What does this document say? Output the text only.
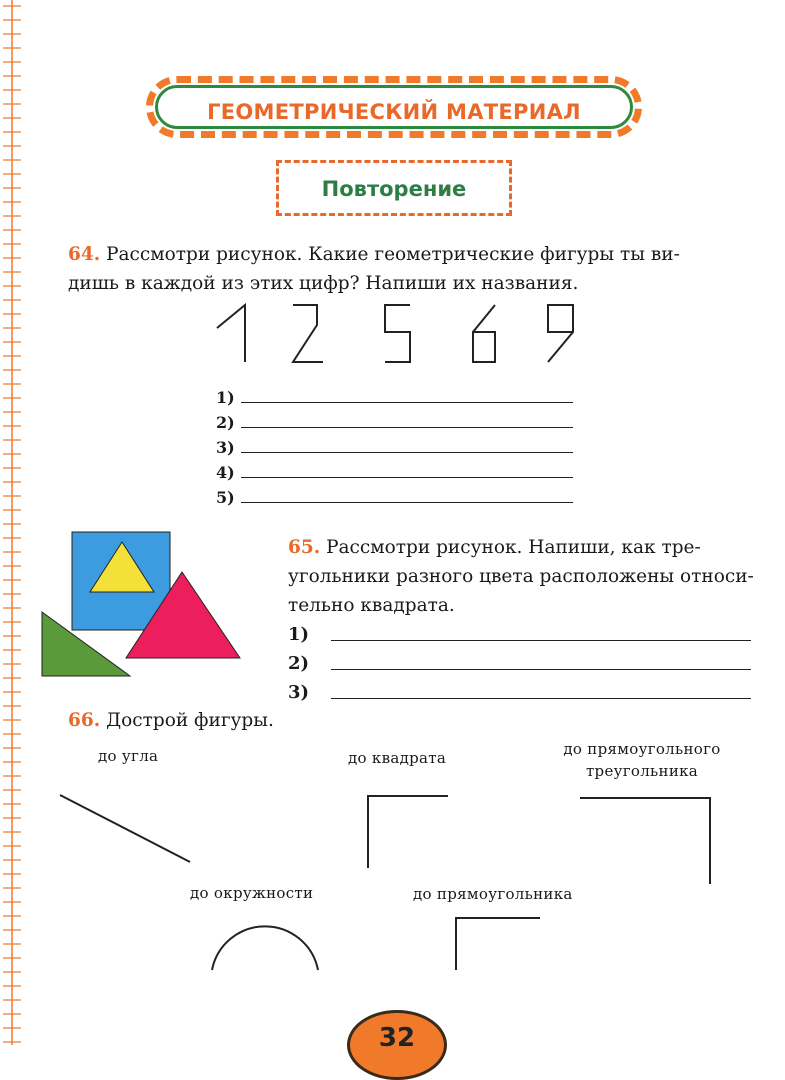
ГЕОМЕТРИЧЕСКИЙ МАТЕРИАЛ
Повторение
64. Рассмотри рисунок. Какие геометрические фигуры ты ви-
дишь в каждой из этих цифр? Напиши их названия.
1)
2)
3)
4)
5)
65. Рассмотри рисунок. Напиши, как тре-
угольники разного цвета расположены относи-
тельно квадрата.
1)
2)
3)
66. Дострой фигуры.
до угла	до квадрата	до прямоугольного
треугольника
до окружности	до прямоугольника
32
